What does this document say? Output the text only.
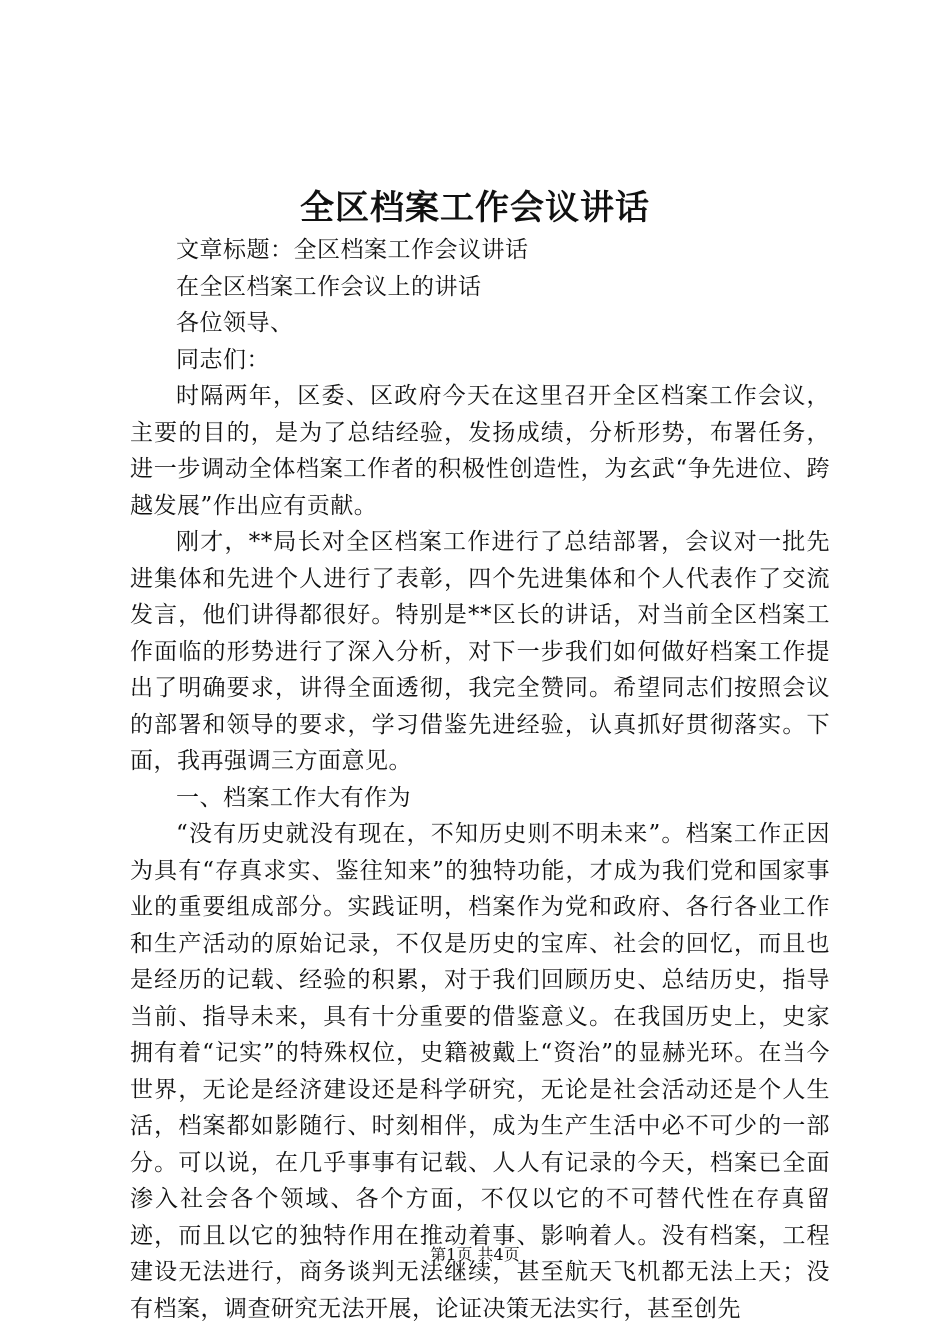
全区档案工作会议讲话

文章标题：全区档案工作会议讲话

在全区档案工作会议上的讲话

各位领导、

同志们：

时隔两年，区委、区政府今天在这里召开全区档案工作会议，主要的目的，是为了总结经验，发扬成绩，分析形势，布署任务，进一步调动全体档案工作者的积极性创造性，为玄武“争先进位、跨越发展”作出应有贡献。

刚才，**局长对全区档案工作进行了总结部署，会议对一批先进集体和先进个人进行了表彰，四个先进集体和个人代表作了交流发言，他们讲得都很好。特别是**区长的讲话，对当前全区档案工作面临的形势进行了深入分析，对下一步我们如何做好档案工作提出了明确要求，讲得全面透彻，我完全赞同。希望同志们按照会议的部署和领导的要求，学习借鉴先进经验，认真抓好贯彻落实。下面，我再强调三方面意见。

一、档案工作大有作为

“没有历史就没有现在，不知历史则不明未来”。档案工作正因为具有“存真求实、鉴往知来”的独特功能，才成为我们党和国家事业的重要组成部分。实践证明，档案作为党和政府、各行各业工作和生产活动的原始记录，不仅是历史的宝库、社会的回忆，而且也是经历的记载、经验的积累，对于我们回顾历史、总结历史，指导当前、指导未来，具有十分重要的借鉴意义。在我国历史上，史家拥有着“记实”的特殊权位，史籍被戴上“资治”的显赫光环。在当今世界，无论是经济建设还是科学研究，无论是社会活动还是个人生活，档案都如影随行、时刻相伴，成为生产生活中必不可少的一部分。可以说，在几乎事事有记载、人人有记录的今天，档案已全面渗入社会各个领域、各个方面，不仅以它的不可替代性在存真留迹，而且以它的独特作用在推动着事、影响着人。没有档案，工程建设无法进行，商务谈判无法继续，甚至航天飞机都无法上天；没有档案，调查研究无法开展，论证决策无法实行，甚至创先

第1页 共4页
